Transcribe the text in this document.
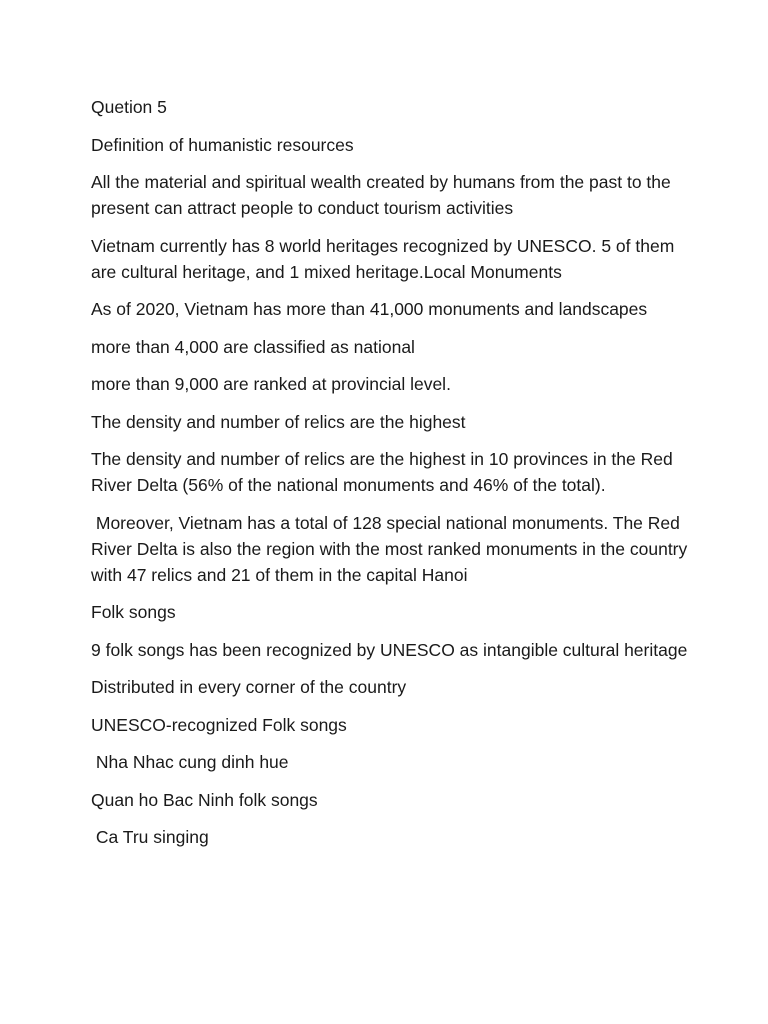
Quetion 5

Definition of humanistic resources

All the material and spiritual wealth created by humans from the past to the present can attract people to conduct tourism activities

Vietnam currently has 8 world heritages recognized by UNESCO. 5 of them are cultural heritage, and 1 mixed heritage.Local Monuments

As of 2020, Vietnam has more than 41,000 monuments and landscapes

more than 4,000 are classified as national

more than 9,000 are ranked at provincial level.

The density and number of relics are the highest

The density and number of relics are the highest in 10 provinces in the Red River Delta (56% of the national monuments and 46% of the total).

Moreover, Vietnam has a total of 128 special national monuments. The Red River Delta is also the region with the most ranked monuments in the country with 47 relics and 21 of them in the capital Hanoi

Folk songs

9 folk songs has been recognized by UNESCO as intangible cultural heritage

Distributed in every corner of the country

UNESCO-recognized Folk songs

Nha Nhac cung dinh hue

Quan ho Bac Ninh folk songs

Ca Tru singing
